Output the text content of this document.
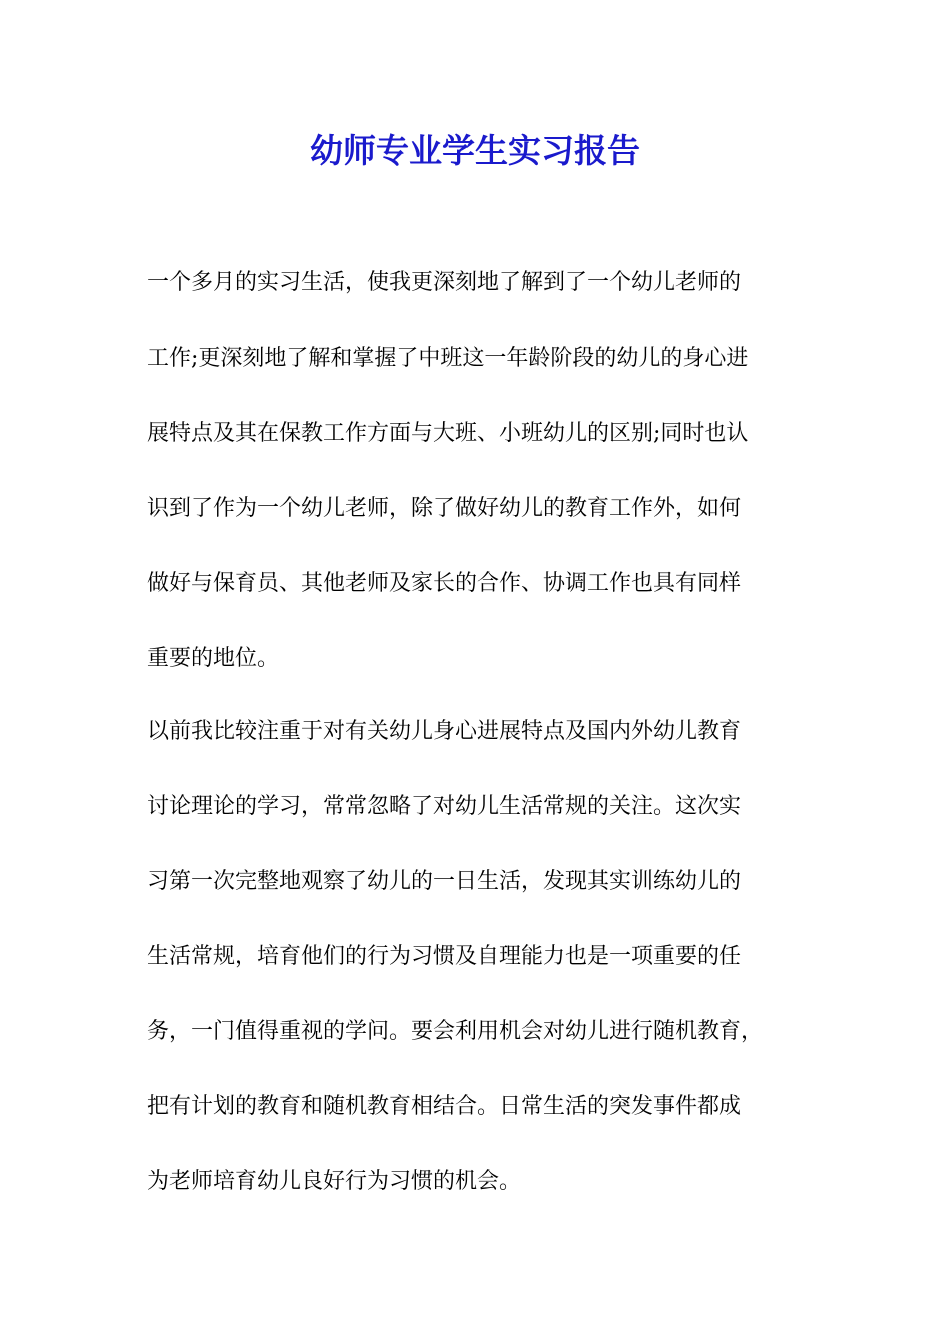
幼师专业学生实习报告

一个多月的实习生活，使我更深刻地了解到了一个幼儿老师的

工作;更深刻地了解和掌握了中班这一年龄阶段的幼儿的身心进

展特点及其在保教工作方面与大班、小班幼儿的区别;同时也认

识到了作为一个幼儿老师，除了做好幼儿的教育工作外，如何

做好与保育员、其他老师及家长的合作、协调工作也具有同样

重要的地位。

以前我比较注重于对有关幼儿身心进展特点及国内外幼儿教育

讨论理论的学习，常常忽略了对幼儿生活常规的关注。这次实

习第一次完整地观察了幼儿的一日生活，发现其实训练幼儿的

生活常规，培育他们的行为习惯及自理能力也是一项重要的任

务，一门值得重视的学问。要会利用机会对幼儿进行随机教育，

把有计划的教育和随机教育相结合。日常生活的突发事件都成

为老师培育幼儿良好行为习惯的机会。
